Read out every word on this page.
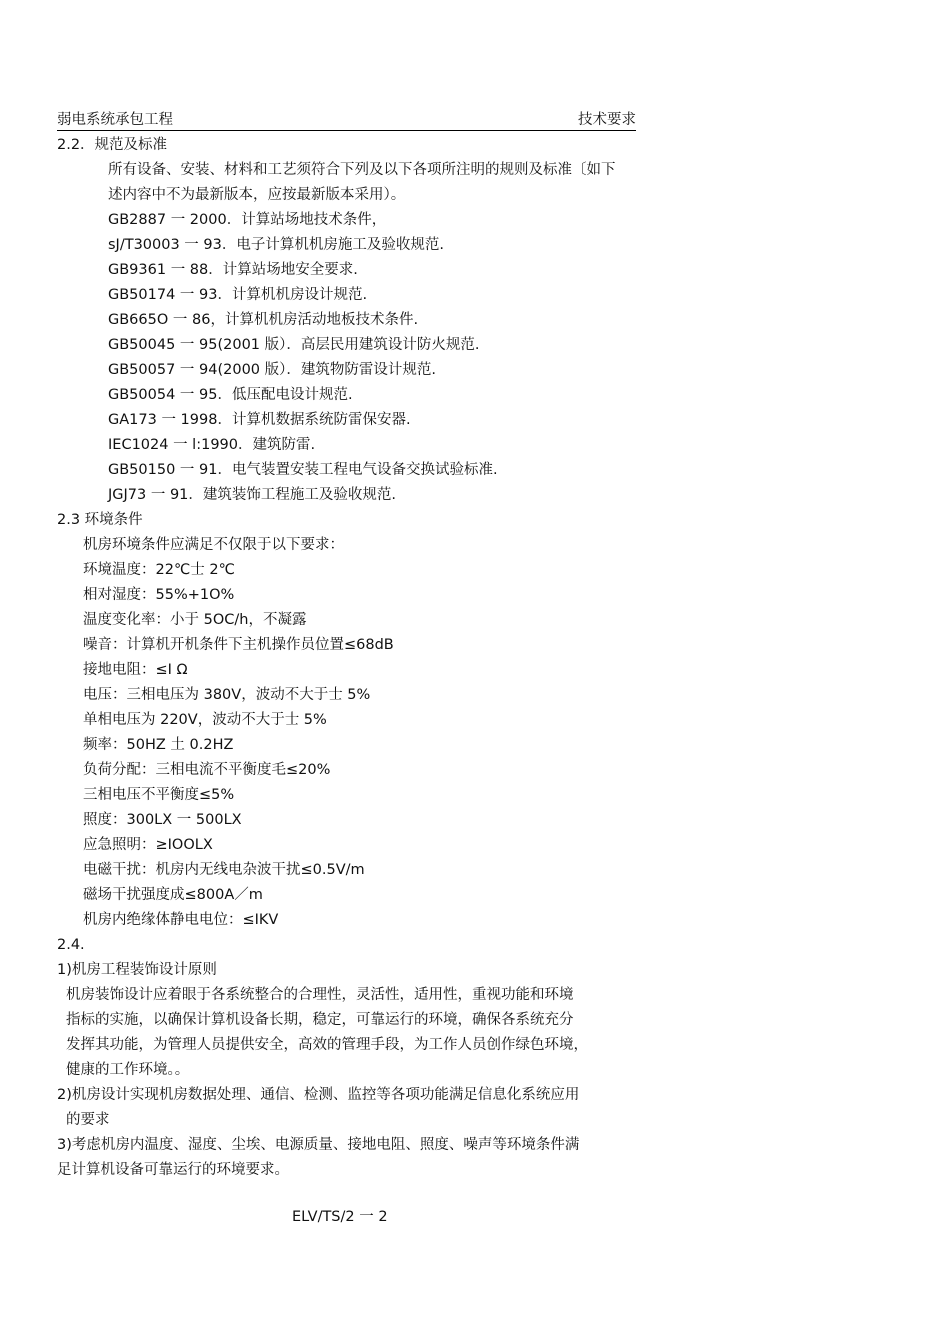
弱电系统承包工程	技术要求
2.2．规范及标准
所有设备、安装、材料和工艺须符合下列及以下各项所注明的规则及标准〔如下
述内容中不为最新版本，应按最新版本采用）。
GB2887 一 2000．计算站场地技术条件，
sJ/T30003 一 93．电子计算机机房施工及验收规范.
GB9361 一 88．计算站场地安全要求.
GB50174 一 93．计算机机房设计规范.
GB665O 一 86，计算机机房活动地板技术条件.
GB50045 一 95(2001 版）．高层民用建筑设计防火规范.
GB50057 一 94(2000 版）．建筑物防雷设计规范.
GB50054 一 95．低压配电设计规范.
GA173 一 1998．计算机数据系统防雷保安器.
IEC1024 一 l:1990．建筑防雷.
GB50150 一 91．电气装置安装工程电气设备交换试验标准.
JGJ73 一 91．建筑装饰工程施工及验收规范.
2.3 环境条件
机房环境条件应满足不仅限于以下要求：
环境温度：22℃士 2℃
相对湿度：55%+1O%
温度变化率：小于 5OC/h，不凝露
噪音：计算机开机条件下主机操作员位置≤68dB
接地电阻：≤I Ω
电压：三相电压为 380V，波动不大于士 5%
单相电压为 220V，波动不大于士 5%
频率：50HZ 土 0.2HZ
负荷分配：三相电流不平衡度毛≤20%
三相电压不平衡度≤5%
照度：300LX 一 500LX
应急照明：≥IOOLX
电磁干扰：机房内无线电杂波干扰≤0.5V/m
磁场干扰强度成≤800A／m
机房内绝缘体静电电位：≤IKV
2.4.
1)机房工程装饰设计原则
机房装饰设计应着眼于各系统整合的合理性，灵活性，适用性，重视功能和环境
指标的实施，以确保计算机设备长期，稳定，可靠运行的环境，确保各系统充分
发挥其功能，为管理人员提供安全，高效的管理手段，为工作人员创作绿色环境，
健康的工作环境。。
2)机房设计实现机房数据处理、通信、检测、监控等各项功能满足信息化系统应用
的要求
3)考虑机房内温度、湿度、尘埃、电源质量、接地电阻、照度、噪声等环境条件满
足计算机设备可靠运行的环境要求。
ELV/TS/2 一 2
